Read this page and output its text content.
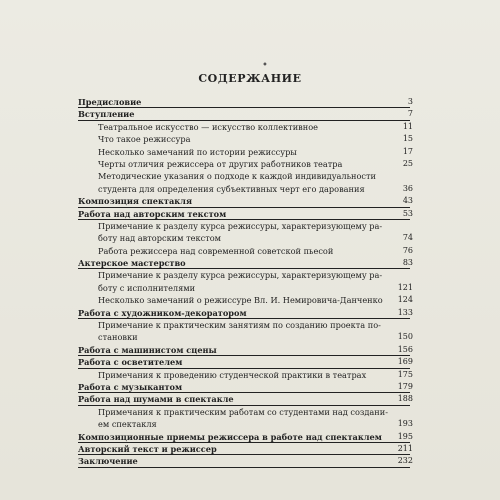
•
СОДЕРЖАНИЕ
Предисловие	3
Вступление	7
Театральное искусство — искусство коллективное	11
Что такое режиссура	15
Несколько замечаний по истории режиссуры	17
Черты отличия режиссера от других работников театра	25
Методические указания о подходе к каждой индивидуальности
студента для определения субъективных черт его дарования	36
Композиция спектакля	43
Работа над авторским текстом	53
Примечание к разделу курса режиссуры, характеризующему ра-
боту над авторским текстом	74
Работа режиссера над современной советской пьесой	76
Актерское мастерство	83
Примечание к разделу курса режиссуры, характеризующему ра-
боту с исполнителями	121
Несколько замечаний о режиссуре Вл. И. Немировича-Данченко 124
Работа с художником-декоратором	133
Примечание к практическим занятиям по созданию проекта по-
становки	150
Работа с машинистом сцены	156
Работа с осветителем	169
Примечания к проведению студенческой практики в театрах	175
Работа с музыкантом	179
Работа над шумами в спектакле	188
Примечания к практическим работам со студентами над создани-
ем спектакля	193
Композиционные приемы режиссера в работе над спектаклем 195
Авторский текст и режиссер	211
Заключение	232
